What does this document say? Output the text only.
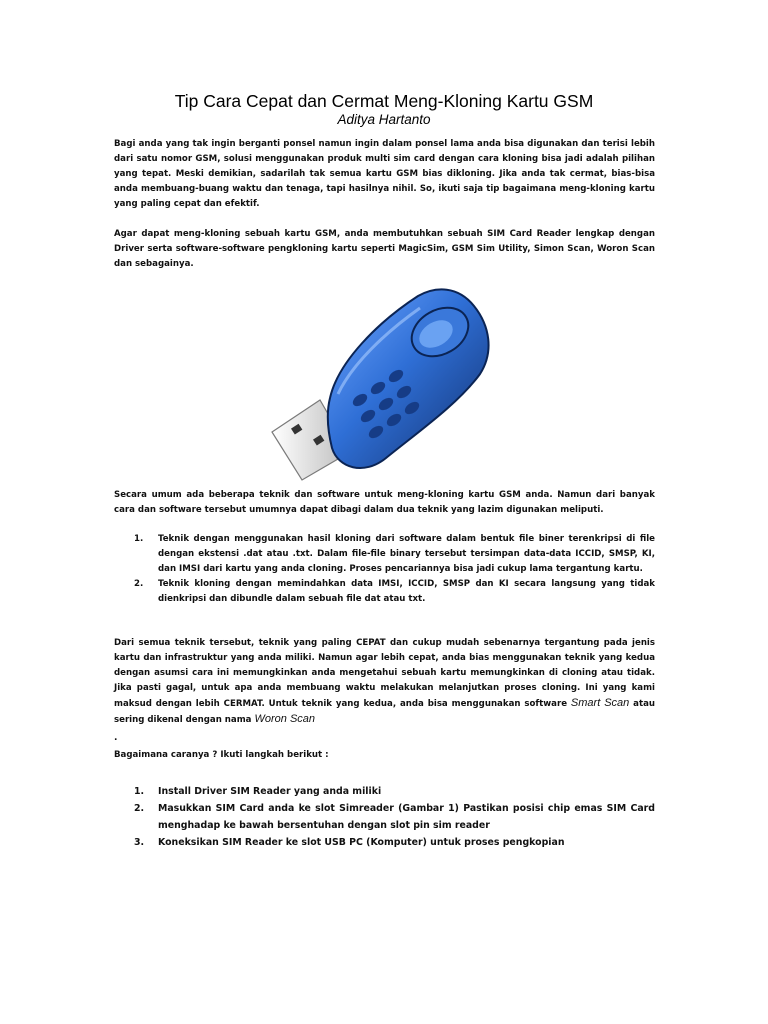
Tip Cara Cepat dan Cermat Meng-Kloning Kartu GSM
Aditya Hartanto

Bagi anda yang tak ingin berganti ponsel namun ingin dalam ponsel lama anda bisa digunakan dan terisi lebih dari satu nomor GSM, solusi menggunakan produk multi sim card dengan cara kloning bisa jadi adalah pilihan yang tepat. Meski demikian, sadarilah tak semua kartu GSM bias dikloning. Jika anda tak cermat, bias-bisa anda membuang-buang waktu dan tenaga, tapi hasilnya nihil. So, ikuti saja tip bagaimana meng-kloning kartu yang paling cepat dan efektif.

Agar dapat meng-kloning sebuah kartu GSM, anda membutuhkan sebuah SIM Card Reader lengkap dengan Driver serta software-software pengkloning kartu seperti MagicSim, GSM Sim Utility, Simon Scan, Woron Scan dan sebagainya.

Secara umum ada beberapa teknik dan software untuk meng-kloning kartu GSM anda. Namun dari banyak cara dan software tersebut umumnya dapat dibagi dalam dua teknik yang lazim digunakan meliputi.

1. Teknik dengan menggunakan hasil kloning dari software dalam bentuk file biner terenkripsi di file dengan ekstensi .dat atau .txt. Dalam file-file binary tersebut tersimpan data-data ICCID, SMSP, KI, dan IMSI dari kartu yang anda cloning. Proses pencariannya bisa jadi cukup lama tergantung kartu.
2. Teknik kloning dengan memindahkan data IMSI, ICCID, SMSP dan KI secara langsung yang tidak dienkripsi dan dibundle dalam sebuah file dat atau txt.

Dari semua teknik tersebut, teknik yang paling CEPAT dan cukup mudah sebenarnya tergantung pada jenis kartu dan infrastruktur yang anda miliki. Namun agar lebih cepat, anda bias menggunakan teknik yang kedua dengan asumsi cara ini memungkinkan anda mengetahui sebuah kartu memungkinkan di cloning atau tidak. Jika pasti gagal, untuk apa anda membuang waktu melakukan melanjutkan proses cloning. Ini yang kami maksud dengan lebih CERMAT. Untuk teknik yang kedua, anda bisa menggunakan software Smart Scan atau sering dikenal dengan nama Woron Scan

.
Bagaimana caranya ? Ikuti langkah berikut :
1. Install Driver SIM Reader yang anda miliki
2. Masukkan SIM Card anda ke slot Simreader (Gambar 1) Pastikan posisi chip emas SIM Card menghadap ke bawah bersentuhan dengan slot pin sim reader
3. Koneksikan SIM Reader ke slot USB PC (Komputer) untuk proses pengkopian
